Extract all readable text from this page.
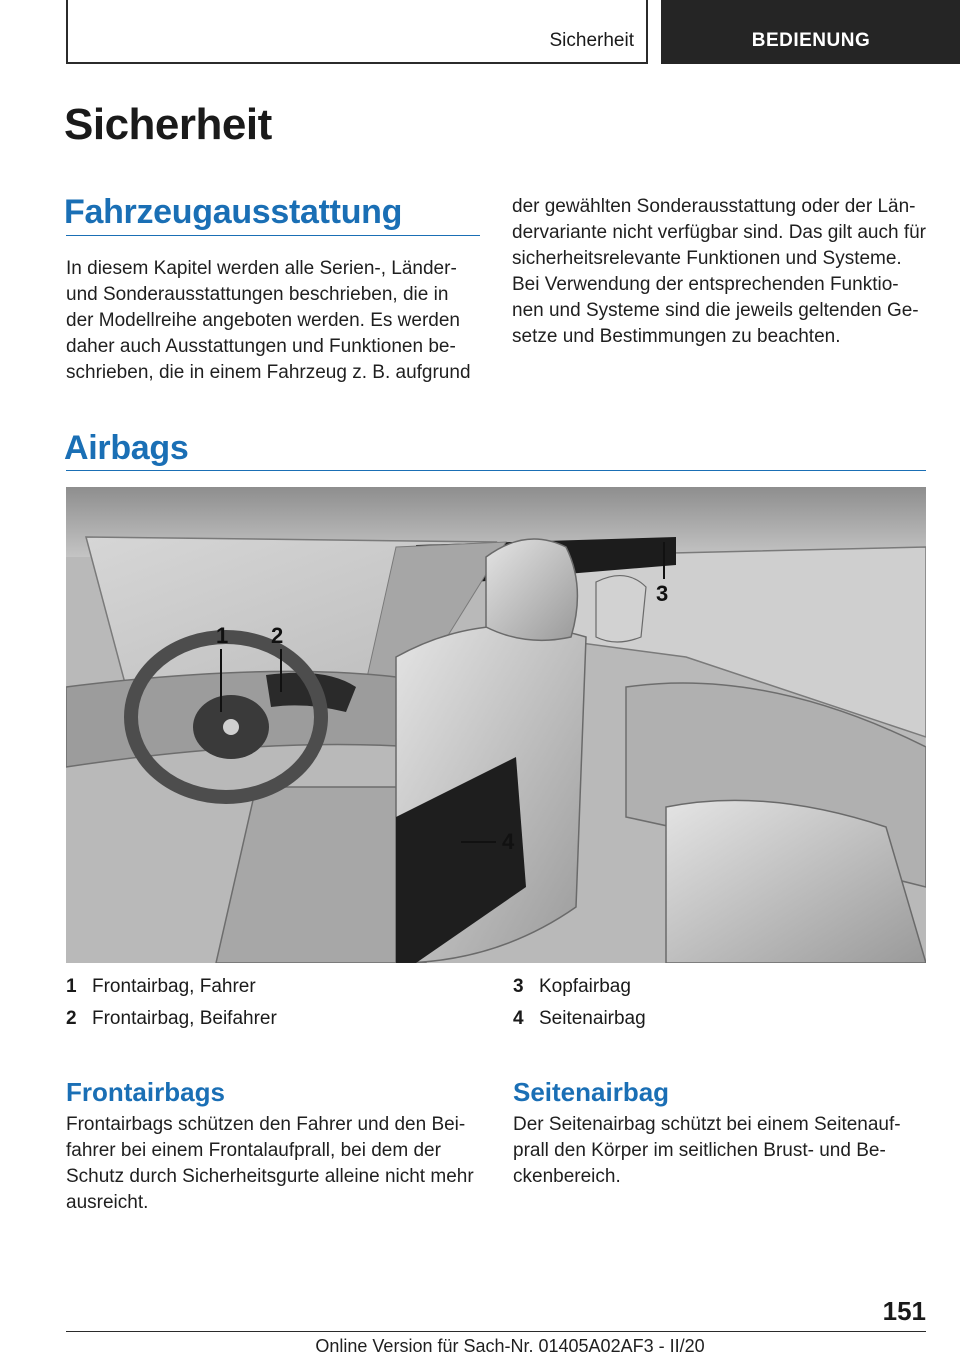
Sicherheit	BEDIENUNG
Sicherheit
Fahrzeugausstattung
In diesem Kapitel werden alle Serien-, Länder-
und Sonderausstattungen beschrieben, die in
der Modellreihe angeboten werden. Es werden
daher auch Ausstattungen und Funktionen be-
schrieben, die in einem Fahrzeug z. B. aufgrund
der gewählten Sonderausstattung oder der Län-
dervariante nicht verfügbar sind. Das gilt auch für
sicherheitsrelevante Funktionen und Systeme.
Bei Verwendung der entsprechenden Funktio-
nen und Systeme sind die jeweils geltenden Ge-
setze und Bestimmungen zu beachten.
Airbags
1 2
3
4
1 Frontairbag, Fahrer
2 Frontairbag, Beifahrer
3 Kopfairbag
4 Seitenairbag
Frontairbags
Frontairbags schützen den Fahrer und den Bei-
fahrer bei einem Frontalaufprall, bei dem der
Schutz durch Sicherheitsgurte alleine nicht mehr
ausreicht.
Seitenairbag
Der Seitenairbag schützt bei einem Seitenauf-
prall den Körper im seitlichen Brust- und Be-
ckenbereich.
151
Online Version für Sach-Nr. 01405A02AF3 - II/20
